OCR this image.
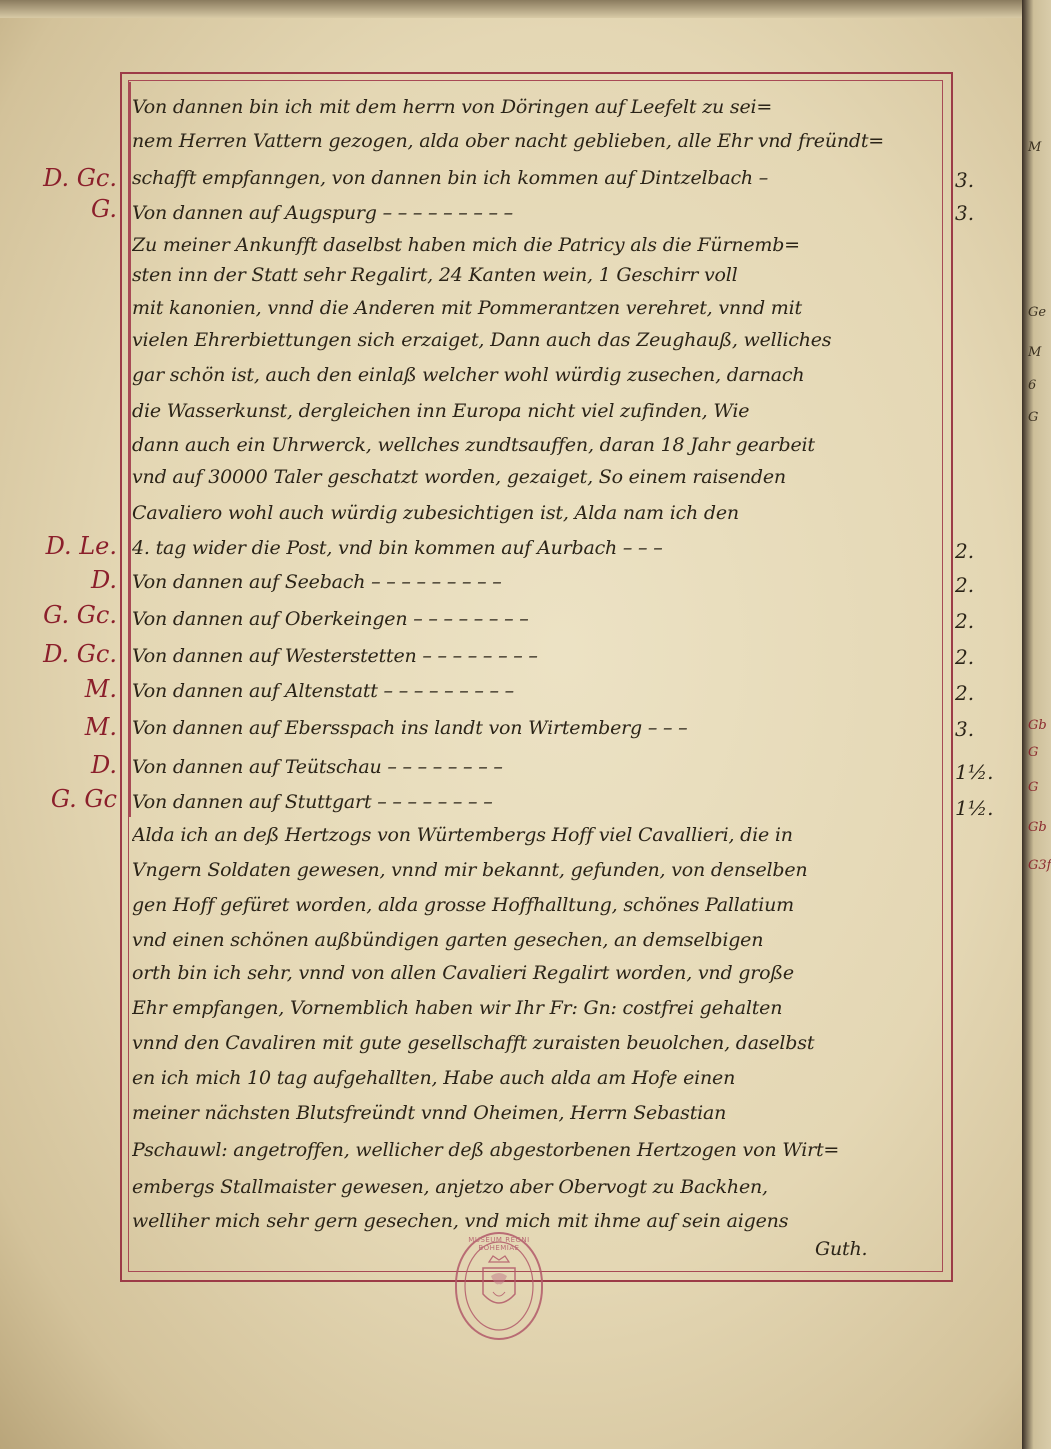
Von dannen bin ich mit dem herrn von Döringen auf Leefelt zu sei=
nem Herren Vattern gezogen, alda ober nacht geblieben, alle Ehr vnd freündt=
schafft empfanngen, von dannen bin ich kommen auf Dintzelbach –
Von dannen auf Augspurg – – – – – – – – –
Zu meiner Ankunfft daselbst haben mich die Patricy als die Fürnemb=
sten inn der Statt sehr Regalirt, 24 Kanten wein, 1 Geschirr voll
mit kanonien, vnnd die Anderen mit Pommerantzen verehret, vnnd mit
vielen Ehrerbiettungen sich erzaiget, Dann auch das Zeughauß, welliches
gar schön ist, auch den einlaß welcher wohl würdig zusechen, darnach
die Wasserkunst, dergleichen inn Europa nicht viel zufinden, Wie
dann auch ein Uhrwerck, wellches zundtsauffen, daran 18 Jahr gearbeit
vnd auf 30000 Taler geschatzt worden, gezaiget, So einem raisenden
Cavaliero wohl auch würdig zubesichtigen ist, Alda nam ich den
4. tag wider die Post, vnd bin kommen auf Aurbach – – –
Von dannen auf Seebach – – – – – – – – –
Von dannen auf Oberkeingen – – – – – – – –
Von dannen auf Westerstetten – – – – – – – –
Von dannen auf Altenstatt – – – – – – – – –
Von dannen auf Ebersspach ins landt von Wirtemberg – – –
Von dannen auf Teütschau – – – – – – – –
Von dannen auf Stuttgart – – – – – – – –
Alda ich an deß Hertzogs von Würtembergs Hoff viel Cavallieri, die in
Vngern Soldaten gewesen, vnnd mir bekannt, gefunden, von denselben
gen Hoff gefüret worden, alda grosse Hoffhalltung, schönes Pallatium
vnd einen schönen außbündigen garten gesechen, an demselbigen
orth bin ich sehr, vnnd von allen Cavalieri Regalirt worden, vnd große
Ehr empfangen, Vornemblich haben wir Ihr Fr: Gn: costfrei gehalten
vnnd den Cavaliren mit gute gesellschafft zuraisten beuolchen, daselbst
en ich mich 10 tag aufgehallten, Habe auch alda am Hofe einen
meiner nächsten Blutsfreündt vnnd Oheimen, Herrn Sebastian
Pschauwl: angetroffen, wellicher deß abgestorbenen Hertzogen von Wirt=
embergs Stallmaister gewesen, anjetzo aber Obervogt zu Backhen,
welliher mich sehr gern gesechen, vnd mich mit ihme auf sein aigens
Guth.
D. Gc.
G.
D. Le.
D.
G. Gc.
D. Gc.
M.
M.
D.
G. Gc
3.
3.
2.
2.
2.
2.
2.
3.
1½.
1½.
MUSEUM REGNI BOHEMIAE
M
Ge
M
6
G
Gb
G
G
Gb
G3f
